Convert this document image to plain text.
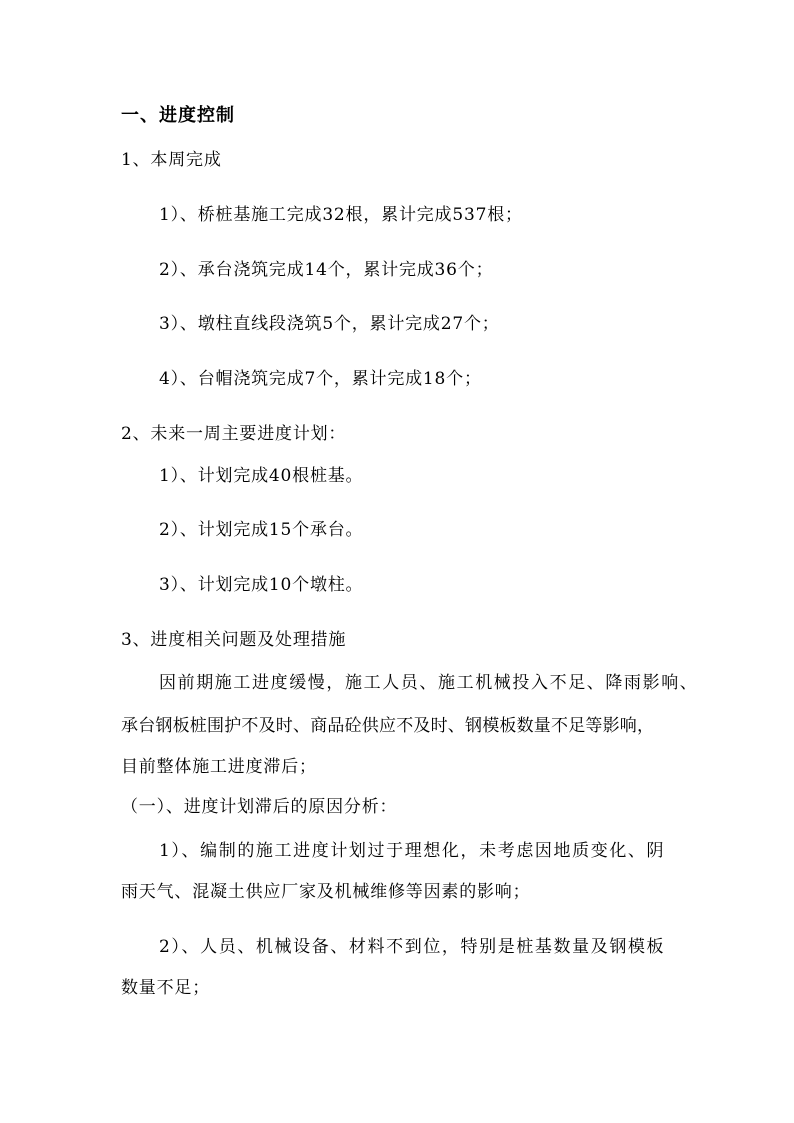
一、进度控制
1、本周完成
1）、桥桩基施工完成32根，累计完成537根；
2）、承台浇筑完成14个，累计完成36个；
3）、墩柱直线段浇筑5个，累计完成27个；
4）、台帽浇筑完成7个，累计完成18个；
2、未来一周主要进度计划：
1）、计划完成40根桩基。
2）、计划完成15个承台。
3）、计划完成10个墩柱。
3、进度相关问题及处理措施
因前期施工进度缓慢，施工人员、施工机械投入不足、降雨影响、
承台钢板桩围护不及时、商品砼供应不及时、钢模板数量不足等影响，
目前整体施工进度滞后；
（一）、进度计划滞后的原因分析：
1）、编制的施工进度计划过于理想化，未考虑因地质变化、阴
雨天气、混凝土供应厂家及机械维修等因素的影响；
2）、人员、机械设备、材料不到位，特别是桩基数量及钢模板
数量不足；
